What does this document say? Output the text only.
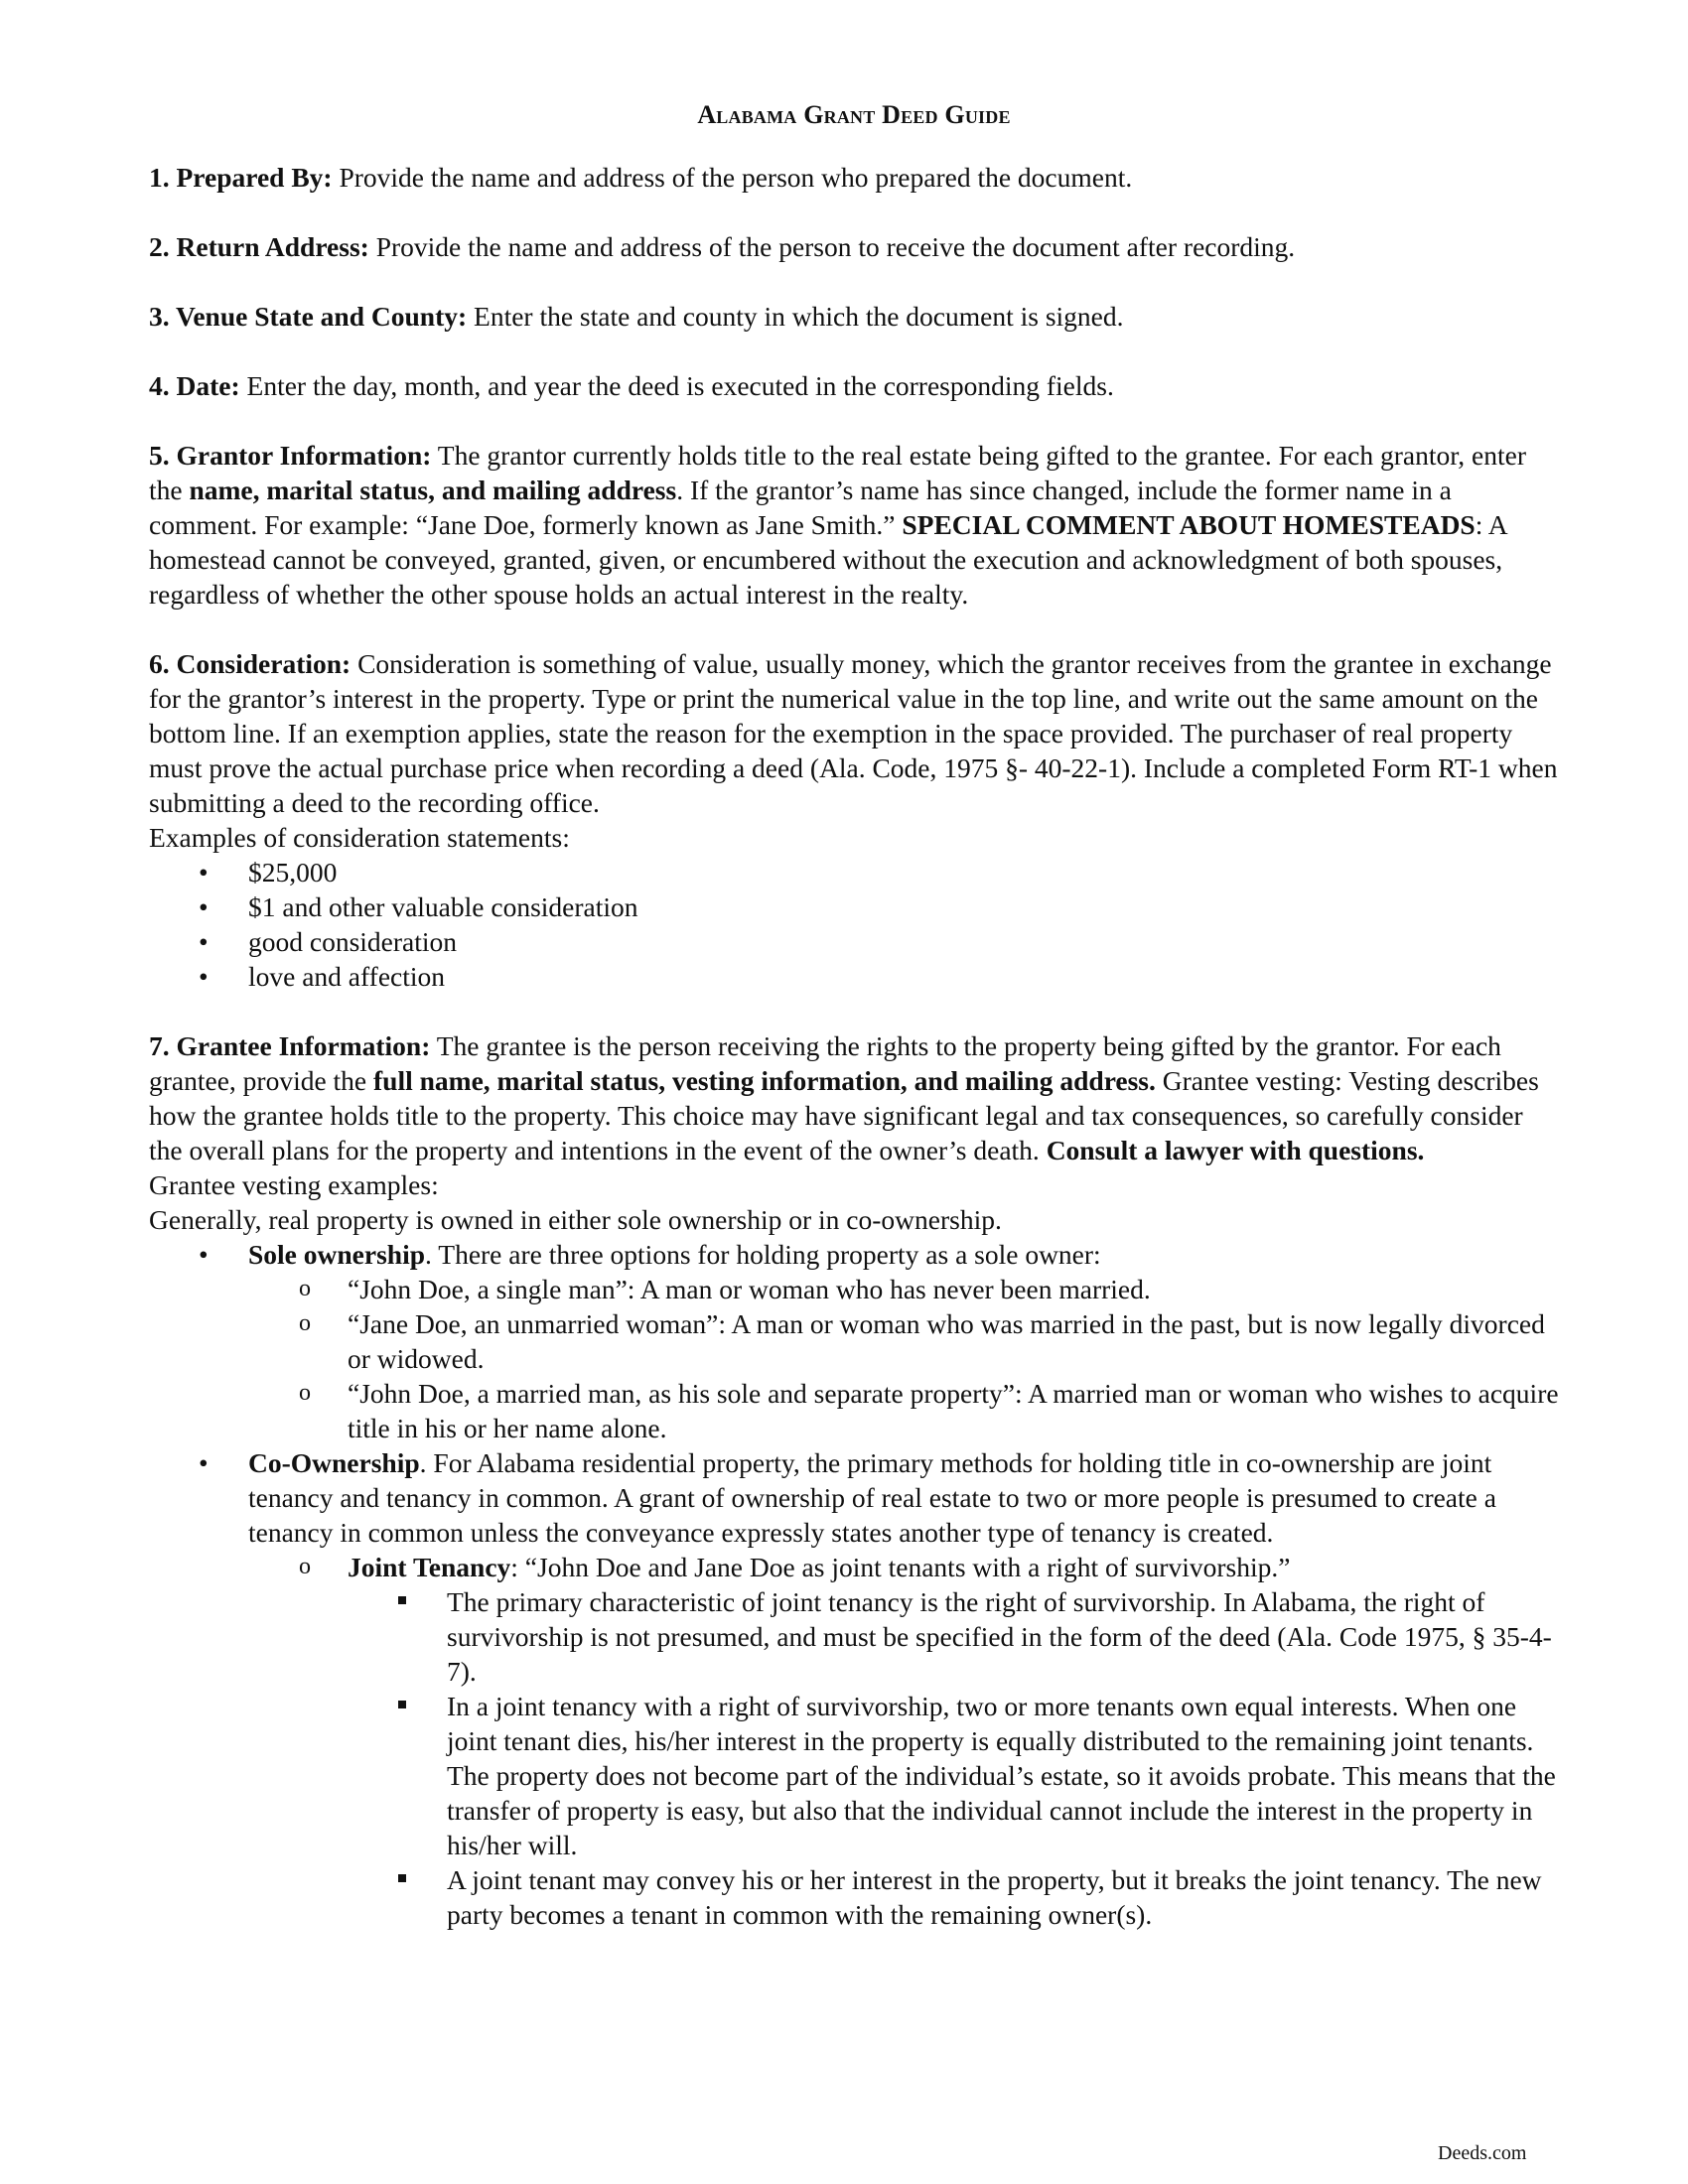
Alabama Grant Deed Guide

1. Prepared By: Provide the name and address of the person who prepared the document.

2. Return Address: Provide the name and address of the person to receive the document after recording.

3. Venue State and County: Enter the state and county in which the document is signed.

4. Date: Enter the day, month, and year the deed is executed in the corresponding fields.

5. Grantor Information: The grantor currently holds title to the real estate being gifted to the grantee. For each grantor, enter the name, marital status, and mailing address. If the grantor’s name has since changed, include the former name in a comment. For example: “Jane Doe, formerly known as Jane Smith.” SPECIAL COMMENT ABOUT HOMESTEADS: A homestead cannot be conveyed, granted, given, or encumbered without the execution and acknowledgment of both spouses, regardless of whether the other spouse holds an actual interest in the realty.

6. Consideration: Consideration is something of value, usually money, which the grantor receives from the grantee in exchange for the grantor’s interest in the property. Type or print the numerical value in the top line, and write out the same amount on the bottom line. If an exemption applies, state the reason for the exemption in the space provided. The purchaser of real property must prove the actual purchase price when recording a deed (Ala. Code, 1975 §- 40-22-1). Include a completed Form RT-1 when submitting a deed to the recording office.
Examples of consideration statements:

• $25,000
• $1 and other valuable consideration
• good consideration
• love and affection

7. Grantee Information: The grantee is the person receiving the rights to the property being gifted by the grantor. For each grantee, provide the full name, marital status, vesting information, and mailing address. Grantee vesting: Vesting describes how the grantee holds title to the property. This choice may have significant legal and tax consequences, so carefully consider the overall plans for the property and intentions in the event of the owner’s death. Consult a lawyer with questions.
Grantee vesting examples:
Generally, real property is owned in either sole ownership or in co-ownership.

• Sole ownership. There are three options for holding property as a sole owner:
o “John Doe, a single man”: A man or woman who has never been married.
o “Jane Doe, an unmarried woman”: A man or woman who was married in the past, but is now legally divorced or widowed.
o “John Doe, a married man, as his sole and separate property”: A married man or woman who wishes to acquire title in his or her name alone.
• Co-Ownership. For Alabama residential property, the primary methods for holding title in co-ownership are joint tenancy and tenancy in common. A grant of ownership of real estate to two or more people is presumed to create a tenancy in common unless the conveyance expressly states another type of tenancy is created.
o Joint Tenancy: “John Doe and Jane Doe as joint tenants with a right of survivorship.”
The primary characteristic of joint tenancy is the right of survivorship. In Alabama, the right of survivorship is not presumed, and must be specified in the form of the deed (Ala. Code 1975, § 35-4-7).
In a joint tenancy with a right of survivorship, two or more tenants own equal interests. When one joint tenant dies, his/her interest in the property is equally distributed to the remaining joint tenants. The property does not become part of the individual’s estate, so it avoids probate. This means that the transfer of property is easy, but also that the individual cannot include the interest in the property in his/her will.
A joint tenant may convey his or her interest in the property, but it breaks the joint tenancy. The new party becomes a tenant in common with the remaining owner(s).
Deeds.com
